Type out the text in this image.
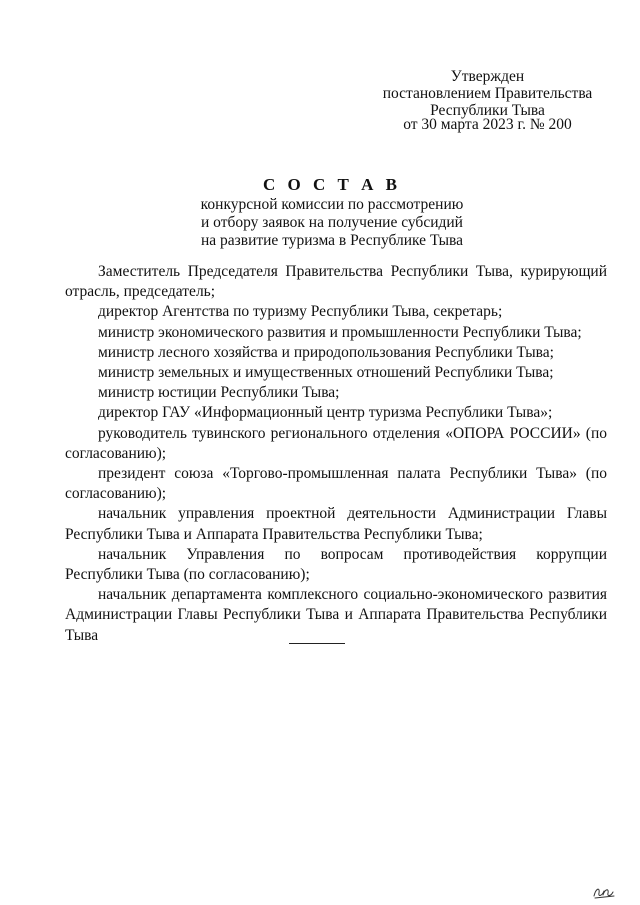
Утвержден
постановлением Правительства
Республики Тыва
от 30 марта 2023 г. № 200
С О С Т А В
конкурсной комиссии по рассмотрению
и отбору заявок на получение субсидий
на развитие туризма в Республике Тыва

Заместитель Председателя Правительства Республики Тыва, курирующий отрасль, председатель;

директор Агентства по туризму Республики Тыва, секретарь;

министр экономического развития и промышленности Республики Тыва;

министр лесного хозяйства и природопользования Республики Тыва;

министр земельных и имущественных отношений Республики Тыва;

министр юстиции Республики Тыва;

директор ГАУ «Информационный центр туризма Республики Тыва»;

руководитель тувинского регионального отделения «ОПОРА РОССИИ» (по согласованию);

президент союза «Торгово-промышленная палата Республики Тыва» (по согласованию);

начальник управления проектной деятельности Администрации Главы Республики Тыва и Аппарата Правительства Республики Тыва;

начальник Управления по вопросам противодействия коррупции Республики Тыва (по согласованию);

начальник департамента комплексного социально-экономического развития Администрации Главы Республики Тыва и Аппарата Правительства Республики Тыва
